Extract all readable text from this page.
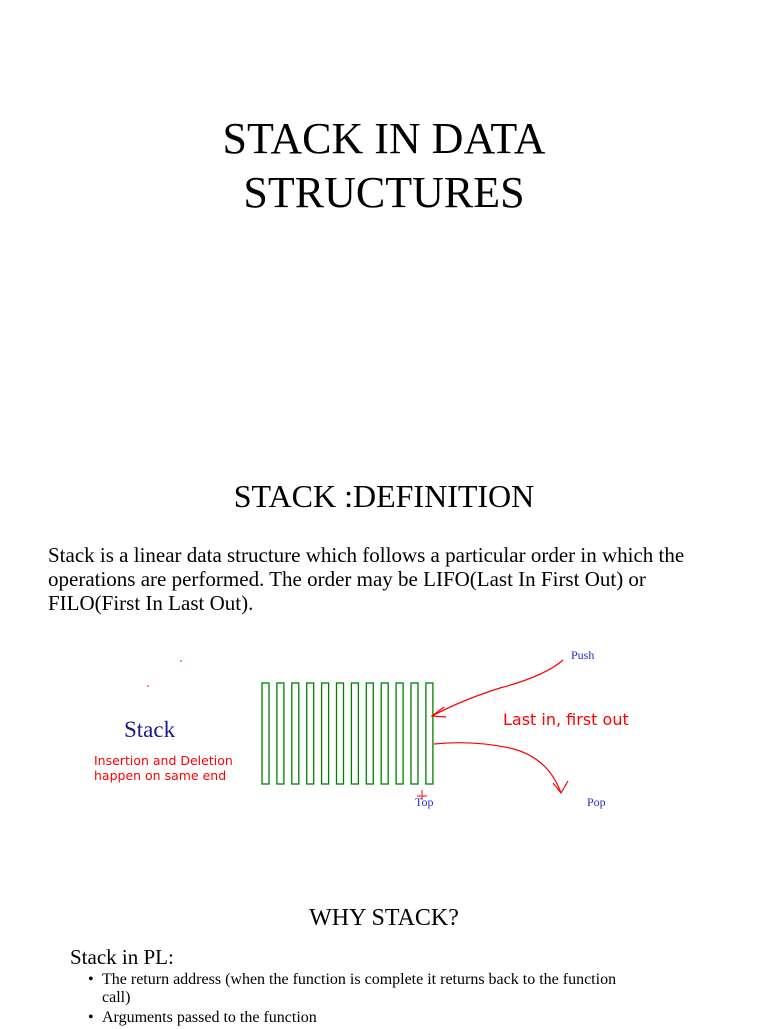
STACK IN DATA
STRUCTURES
STACK :DEFINITION
Stack is a linear data structure which follows a particular order in which the operations are performed. The order may be LIFO(Last In First Out) or FILO(First In Last Out).
Stack
Insertion and Deletion
happen on same end
Push
Last in, first out
Top	Pop
WHY STACK?
Stack in PL:
• The return address (when the function is complete it returns back to the function call)
• Arguments passed to the function
